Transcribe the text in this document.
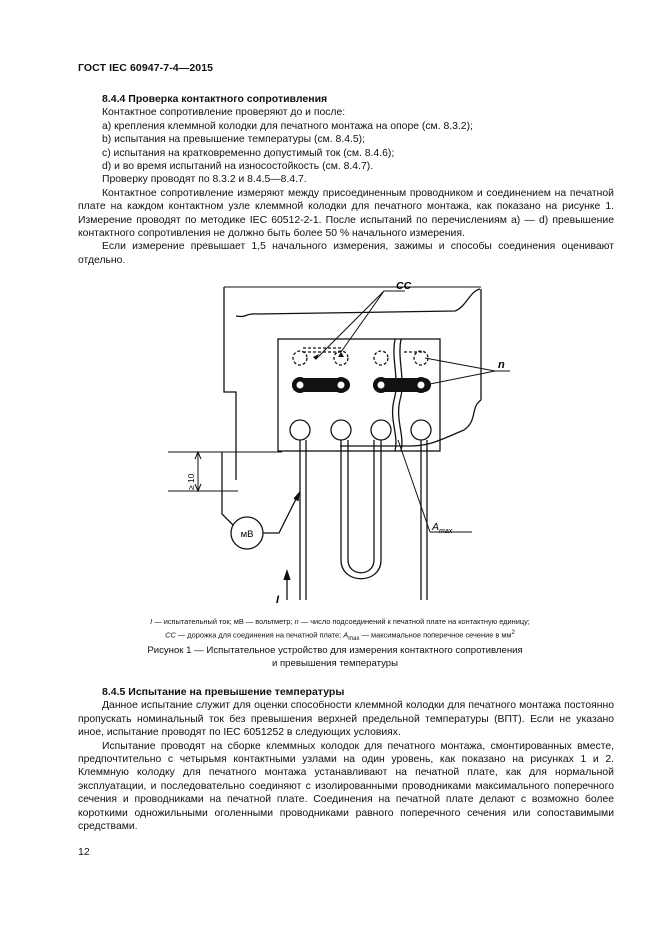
ГОСТ IEC 60947-7-4—2015

8.4.4 Проверка контактного сопротивления

Контактное сопротивление проверяют до и после:

a) крепления клеммной колодки для печатного монтажа на опоре (см. 8.3.2);

b) испытания на превышение температуры (см. 8.4.5);

c) испытания на кратковременно допустимый ток (см. 8.4.6);

d) и во время испытаний на износостойкость (см. 8.4.7).

Проверку проводят по 8.3.2 и 8.4.5—8.4.7.

Контактное сопротивление измеряют между присоединенным проводником и соединением на печатной плате на каждом контактном узле клеммной колодки для печатного монтажа, как показано на рисунке 1. Измерение проводят по методике IEC 60512-2-1. После испытаний по перечислениям a) — d) превышение контактного сопротивления не должно быть более 50 % начального измерения.

Если измерение превышает 1,5 начального измерения, зажимы и способы соединения оценивают отдельно.

CC
n
мВ
≥ 10
I
$A_{max}$
I — испытательный ток; мВ — вольтметр; n — число подсоединений к печатной плате на контактную единицу;
CC — дорожка для соединения на печатной плате; $A_{max}$ — максимальное поперечное сечение в $мм^2$
Рисунок 1 — Испытательное устройство для измерения контактного сопротивления
и превышения температуры

8.4.5 Испытание на превышение температуры

Данное испытание служит для оценки способности клеммной колодки для печатного монтажа постоянно пропускать номинальный ток без превышения верхней предельной температуры (ВПТ). Если не указано иное, испытание проводят по IEC 6051252 в следующих условиях.

Испытание проводят на сборке клеммных колодок для печатного монтажа, смонтированных вместе, предпочтительно с четырьмя контактными узлами на один уровень, как показано на рисунках 1 и 2. Клеммную колодку для печатного монтажа устанавливают на печатной плате, как для нормальной эксплуатации, и последовательно соединяют с изолированными проводниками максимального поперечного сечения и проводниками на печатной плате. Соединения на печатной плате делают с возможно более короткими одножильными оголенными проводниками равного поперечного сечения или сопоставимыми средствами.

12
